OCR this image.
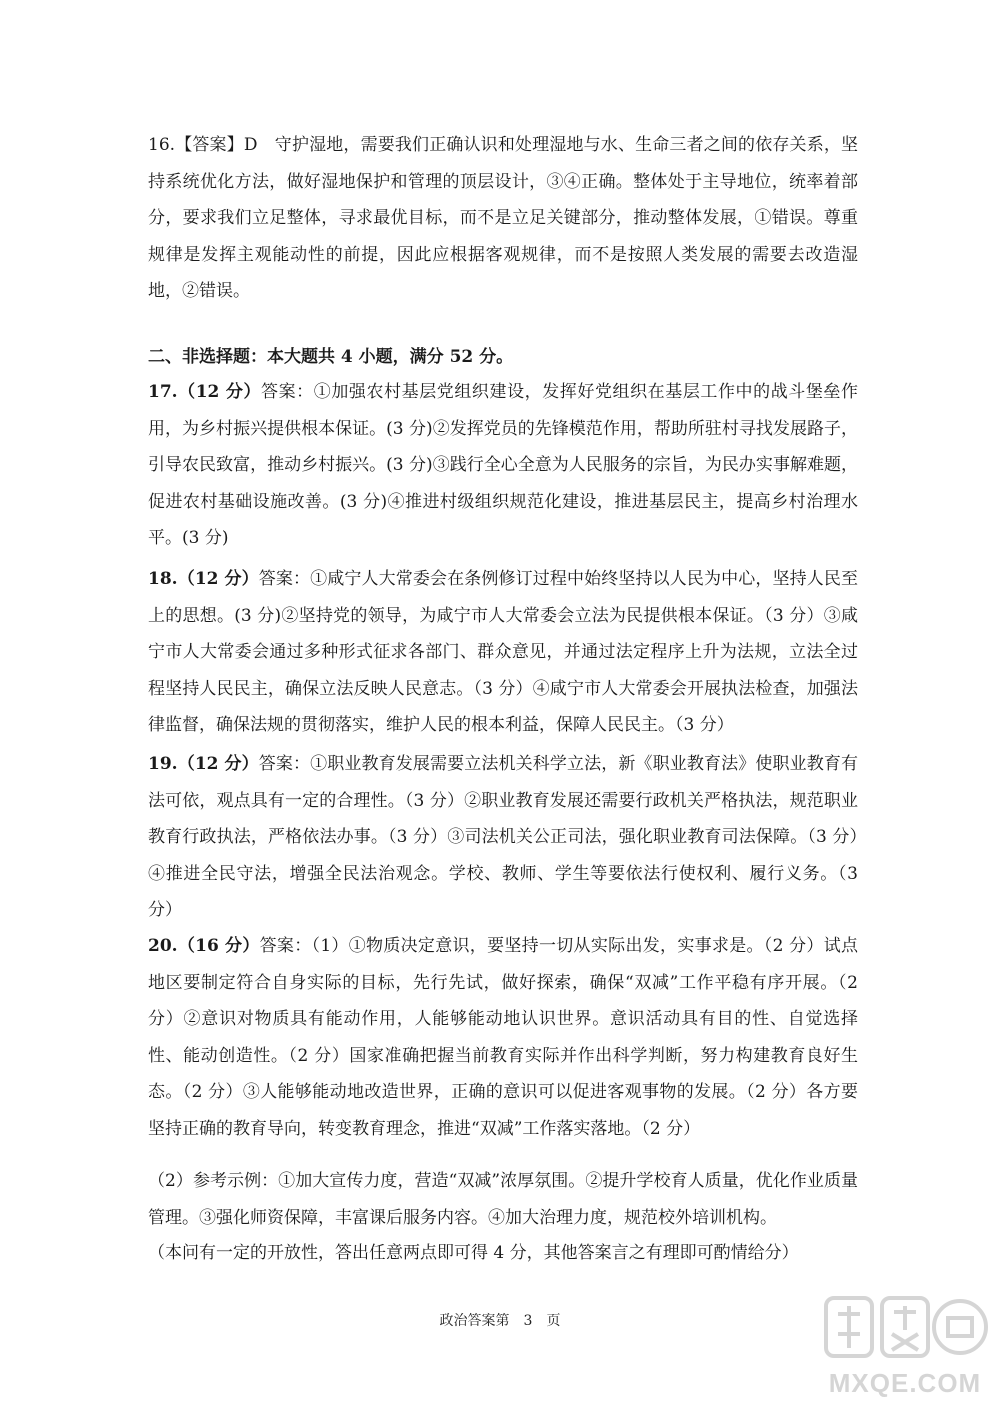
16.【答案】D　守护湿地，需要我们正确认识和处理湿地与水、生命三者之间的依存关系，坚持系统优化方法，做好湿地保护和管理的顶层设计，③④正确。整体处于主导地位，统率着部分，要求我们立足整体，寻求最优目标，而不是立足关键部分，推动整体发展，①错误。尊重规律是发挥主观能动性的前提，因此应根据客观规律，而不是按照人类发展的需要去改造湿地，②错误。
二、非选择题：本大题共 4 小题，满分 52 分。
17.（12 分）答案：①加强农村基层党组织建设，发挥好党组织在基层工作中的战斗堡垒作用，为乡村振兴提供根本保证。(3 分)②发挥党员的先锋模范作用，帮助所驻村寻找发展路子，引导农民致富，推动乡村振兴。(3 分)③践行全心全意为人民服务的宗旨，为民办实事解难题，促进农村基础设施改善。(3 分)④推进村级组织规范化建设，推进基层民主，提高乡村治理水平。(3 分)
18.（12 分）答案：①咸宁人大常委会在条例修订过程中始终坚持以人民为中心，坚持人民至上的思想。(3 分)②坚持党的领导，为咸宁市人大常委会立法为民提供根本保证。（3 分）③咸宁市人大常委会通过多种形式征求各部门、群众意见，并通过法定程序上升为法规，立法全过程坚持人民民主，确保立法反映人民意志。（3 分）④咸宁市人大常委会开展执法检查，加强法律监督，确保法规的贯彻落实，维护人民的根本利益，保障人民民主。（3 分）
19.（12 分）答案：①职业教育发展需要立法机关科学立法，新《职业教育法》使职业教育有法可依，观点具有一定的合理性。（3 分）②职业教育发展还需要行政机关严格执法，规范职业教育行政执法，严格依法办事。（3 分）③司法机关公正司法，强化职业教育司法保障。（3 分）④推进全民守法，增强全民法治观念。学校、教师、学生等要依法行使权利、履行义务。（3 分）
20.（16 分）答案：（1）①物质决定意识，要坚持一切从实际出发，实事求是。（2 分）试点地区要制定符合自身实际的目标，先行先试，做好探索，确保“双减”工作平稳有序开展。（2 分）②意识对物质具有能动作用，人能够能动地认识世界。意识活动具有目的性、自觉选择性、能动创造性。（2 分）国家准确把握当前教育实际并作出科学判断，努力构建教育良好生态。（2 分）③人能够能动地改造世界，正确的意识可以促进客观事物的发展。（2 分）各方要坚持正确的教育导向，转变教育理念，推进“双减”工作落实落地。（2 分）
（2）参考示例：①加大宣传力度，营造“双减”浓厚氛围。②提升学校育人质量，优化作业质量管理。③强化师资保障，丰富课后服务内容。④加大治理力度，规范校外培训机构。
（本问有一定的开放性，答出任意两点即可得 4 分，其他答案言之有理即可酌情给分）
政治答案第　3　页
MXQE.COM
